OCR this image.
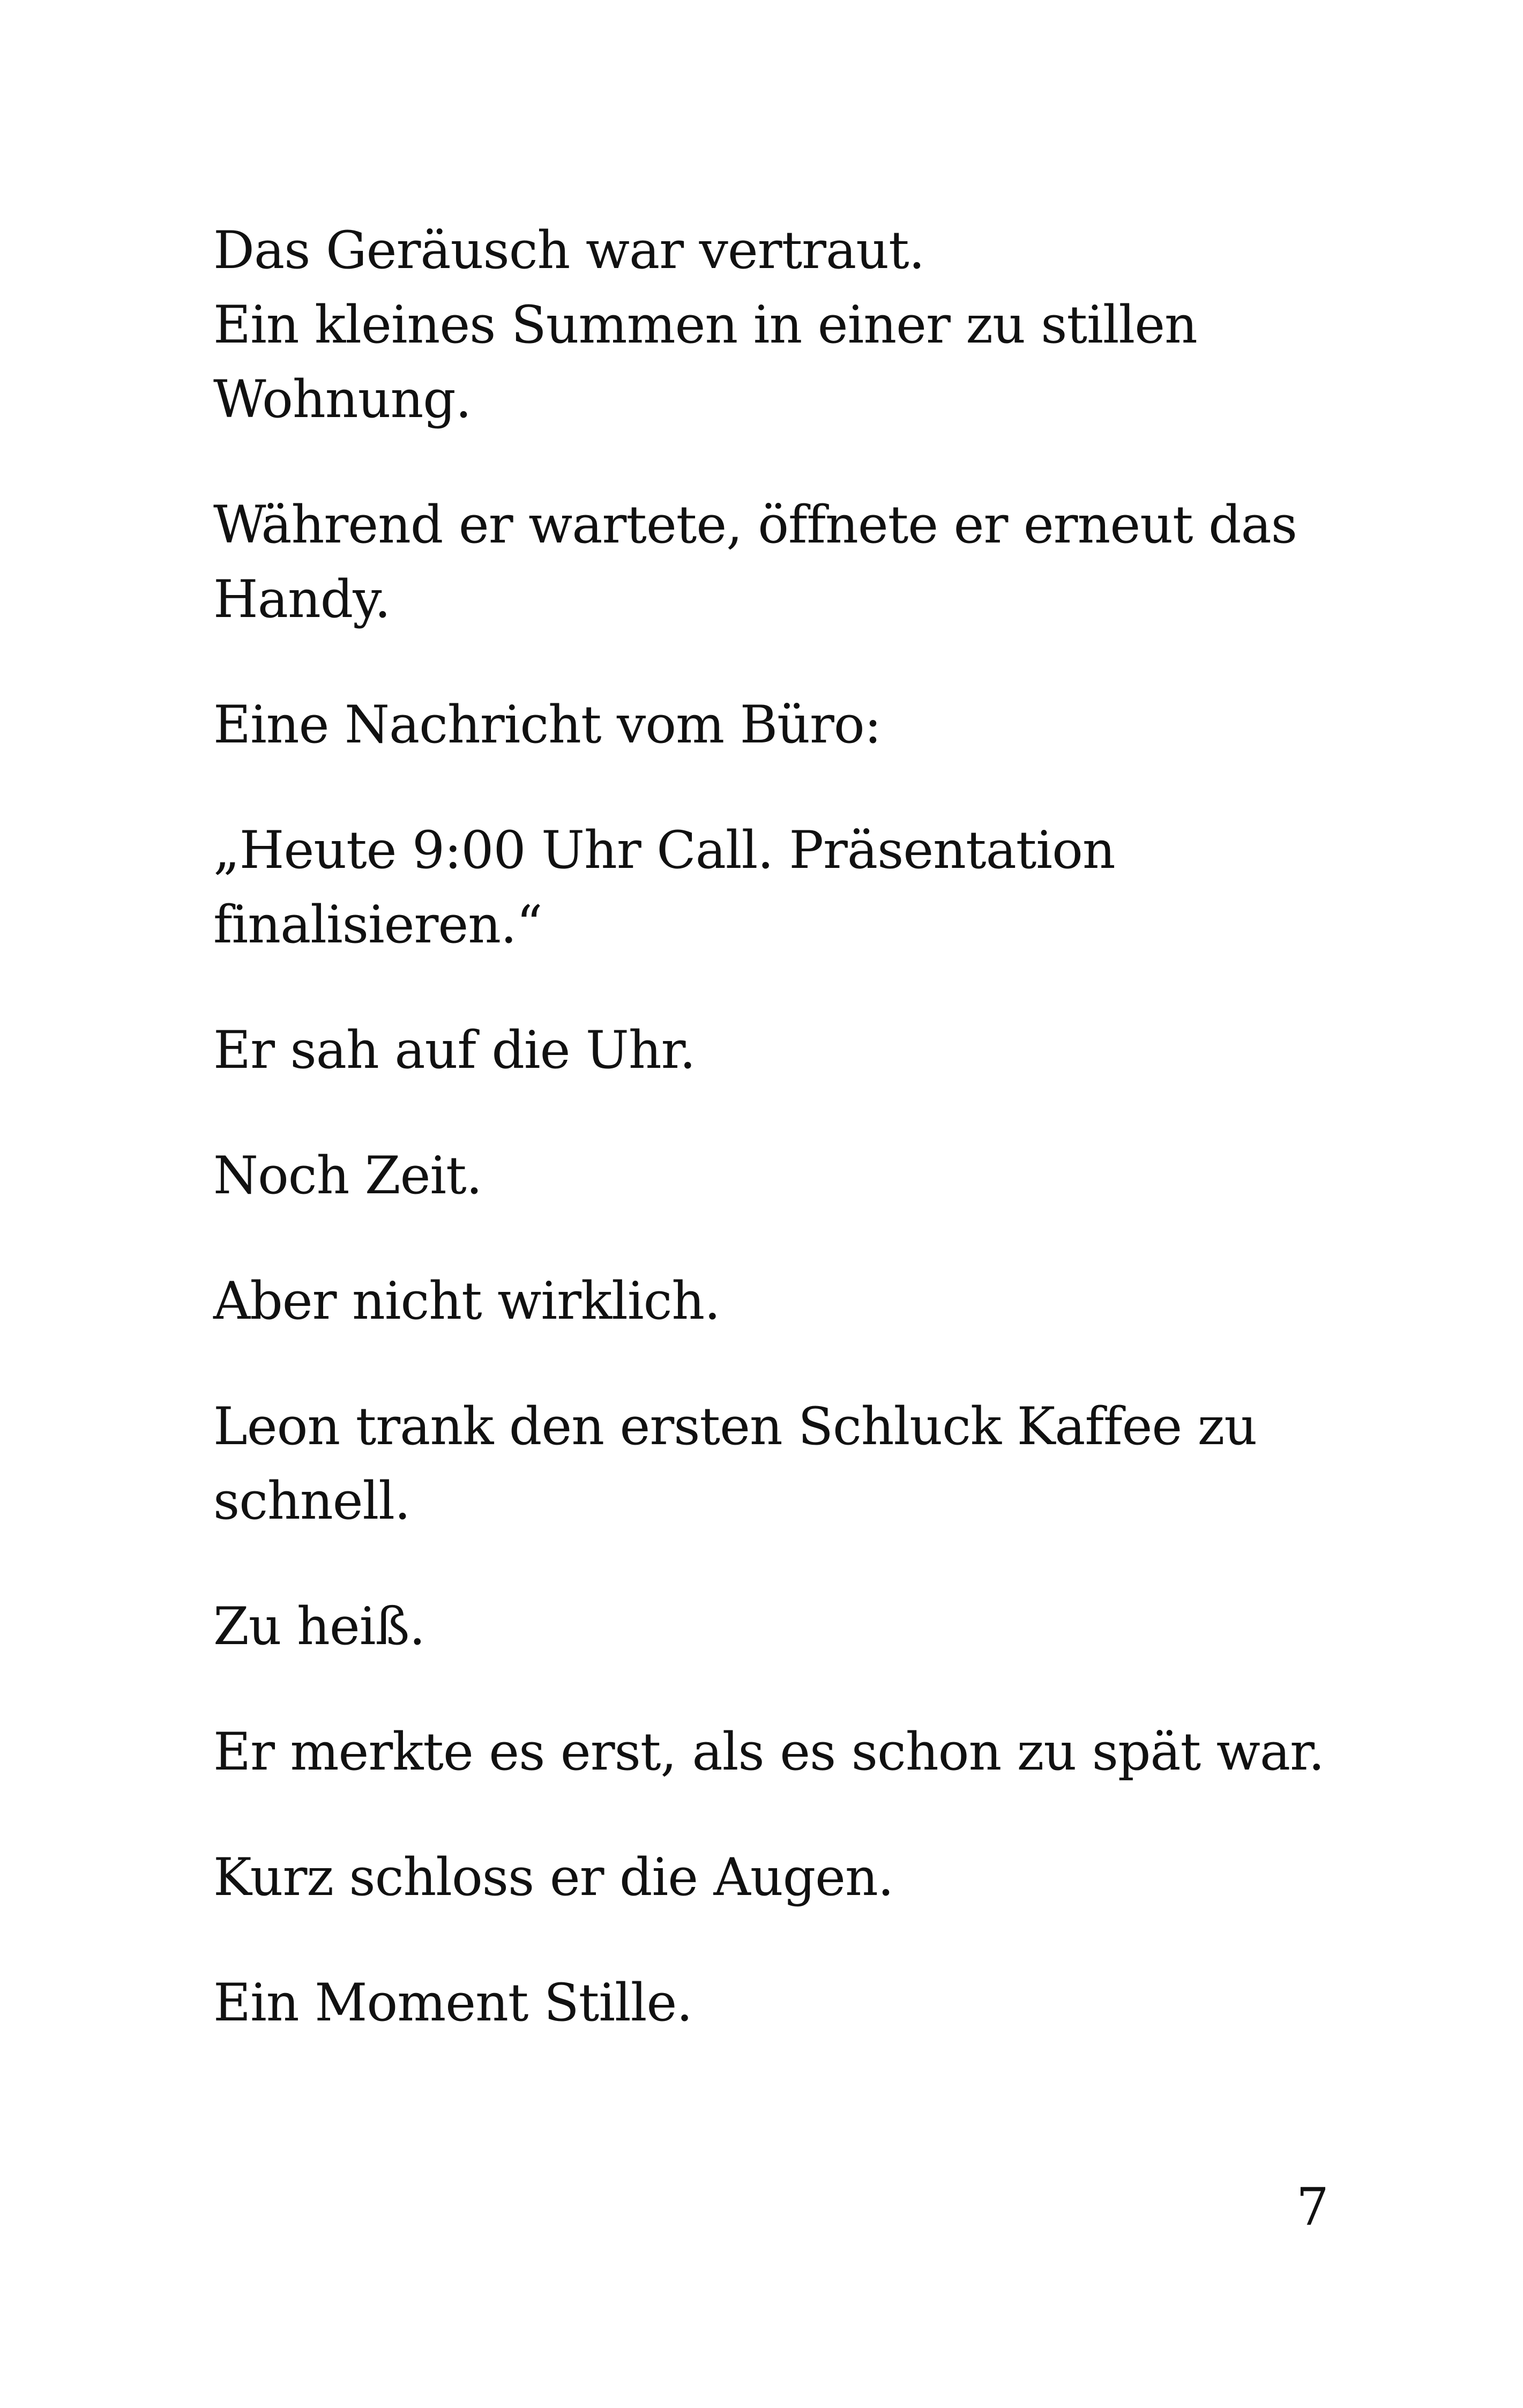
Das Geräusch war vertraut.
Ein kleines Summen in einer zu stillen
Wohnung.

Während er wartete, öffnete er erneut das
Handy.

Eine Nachricht vom Büro:

„Heute 9:00 Uhr Call. Präsentation
finalisieren.“

Er sah auf die Uhr.

Noch Zeit.

Aber nicht wirklich.

Leon trank den ersten Schluck Kaffee zu
schnell.

Zu heiß.

Er merkte es erst, als es schon zu spät war.

Kurz schloss er die Augen.

Ein Moment Stille.

7
